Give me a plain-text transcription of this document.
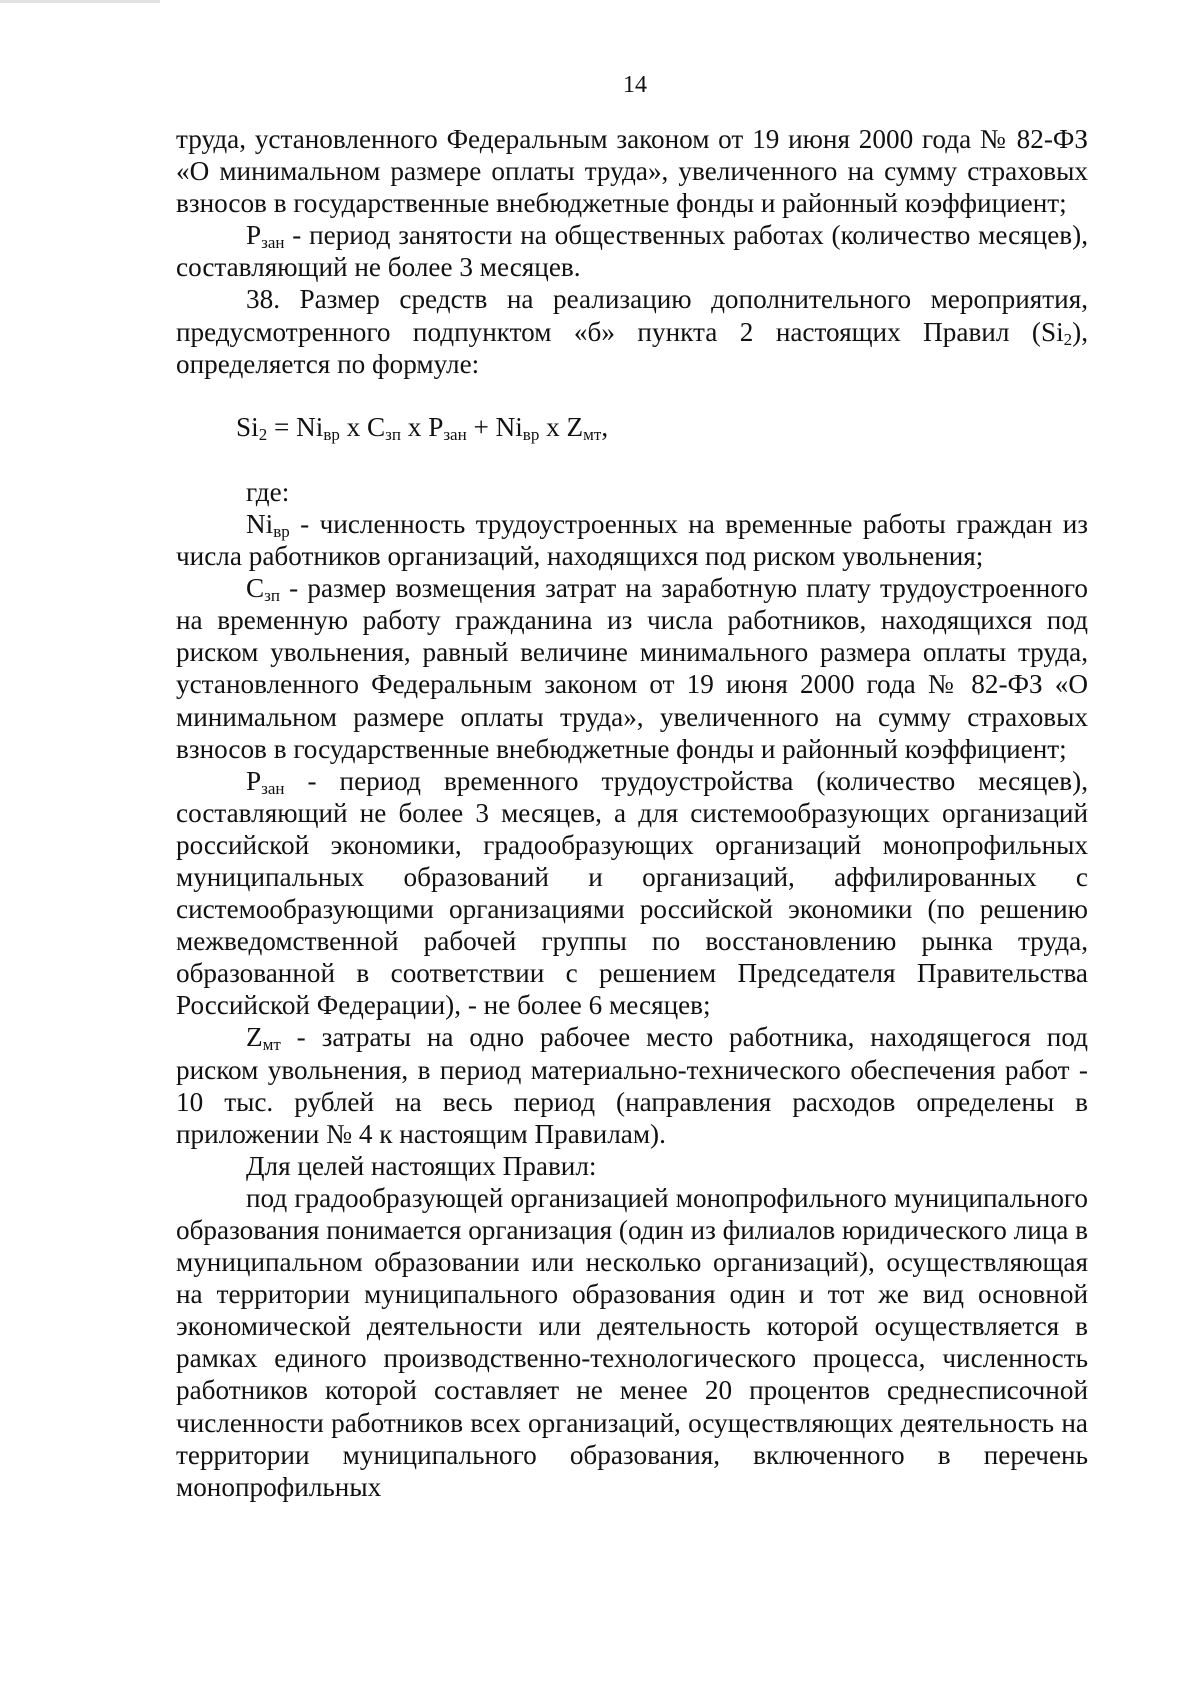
14

труда, установленного Федеральным законом от 19 июня 2000 года № 82-ФЗ «О минимальном размере оплаты труда», увеличенного на сумму страховых взносов в государственные внебюджетные фонды и районный коэффициент;

$P_{зан}$ - период занятости на общественных работах (количество месяцев), составляющий не более 3 месяцев.

38. Размер средств на реализацию дополнительного мероприятия, предусмотренного подпунктом «б» пункта 2 настоящих Правил $(Si_2)$, определяется по формуле:

$Si_2 = Ni_{вр}$ x $C_{зп}$ x $P_{зан} + Ni_{вр}$ x $Z_{мт}$,

где:

$Ni_{вр}$ - численность трудоустроенных на временные работы граждан из числа работников организаций, находящихся под риском увольнения;

$C_{зп}$ - размер возмещения затрат на заработную плату трудоустроенного на временную работу гражданина из числа работников, находящихся под риском увольнения, равный величине минимального размера оплаты труда, установленного Федеральным законом от 19 июня 2000 года № 82-ФЗ «О минимальном размере оплаты труда», увеличенного на сумму страховых взносов в государственные внебюджетные фонды и районный коэффициент;

$P_{зан}$ - период временного трудоустройства (количество месяцев), составляющий не более 3 месяцев, а для системообразующих организаций российской экономики, градообразующих организаций монопрофильных муниципальных образований и организаций, аффилированных с системообразующими организациями российской экономики (по решению межведомственной рабочей группы по восстановлению рынка труда, образованной в соответствии с решением Председателя Правительства Российской Федерации), - не более 6 месяцев;

$Z_{мт}$ - затраты на одно рабочее место работника, находящегося под риском увольнения, в период материально-технического обеспечения работ - 10 тыс. рублей на весь период (направления расходов определены в приложении № 4 к настоящим Правилам).

Для целей настоящих Правил:

под градообразующей организацией монопрофильного муниципального образования понимается организация (один из филиалов юридического лица в муниципальном образовании или несколько организаций), осуществляющая на территории муниципального образования один и тот же вид основной экономической деятельности или деятельность которой осуществляется в рамках единого производственно-технологического процесса, численность работников которой составляет не менее 20 процентов среднесписочной численности работников всех организаций, осуществляющих деятельность на территории муниципального образования, включенного в перечень монопрофильных
